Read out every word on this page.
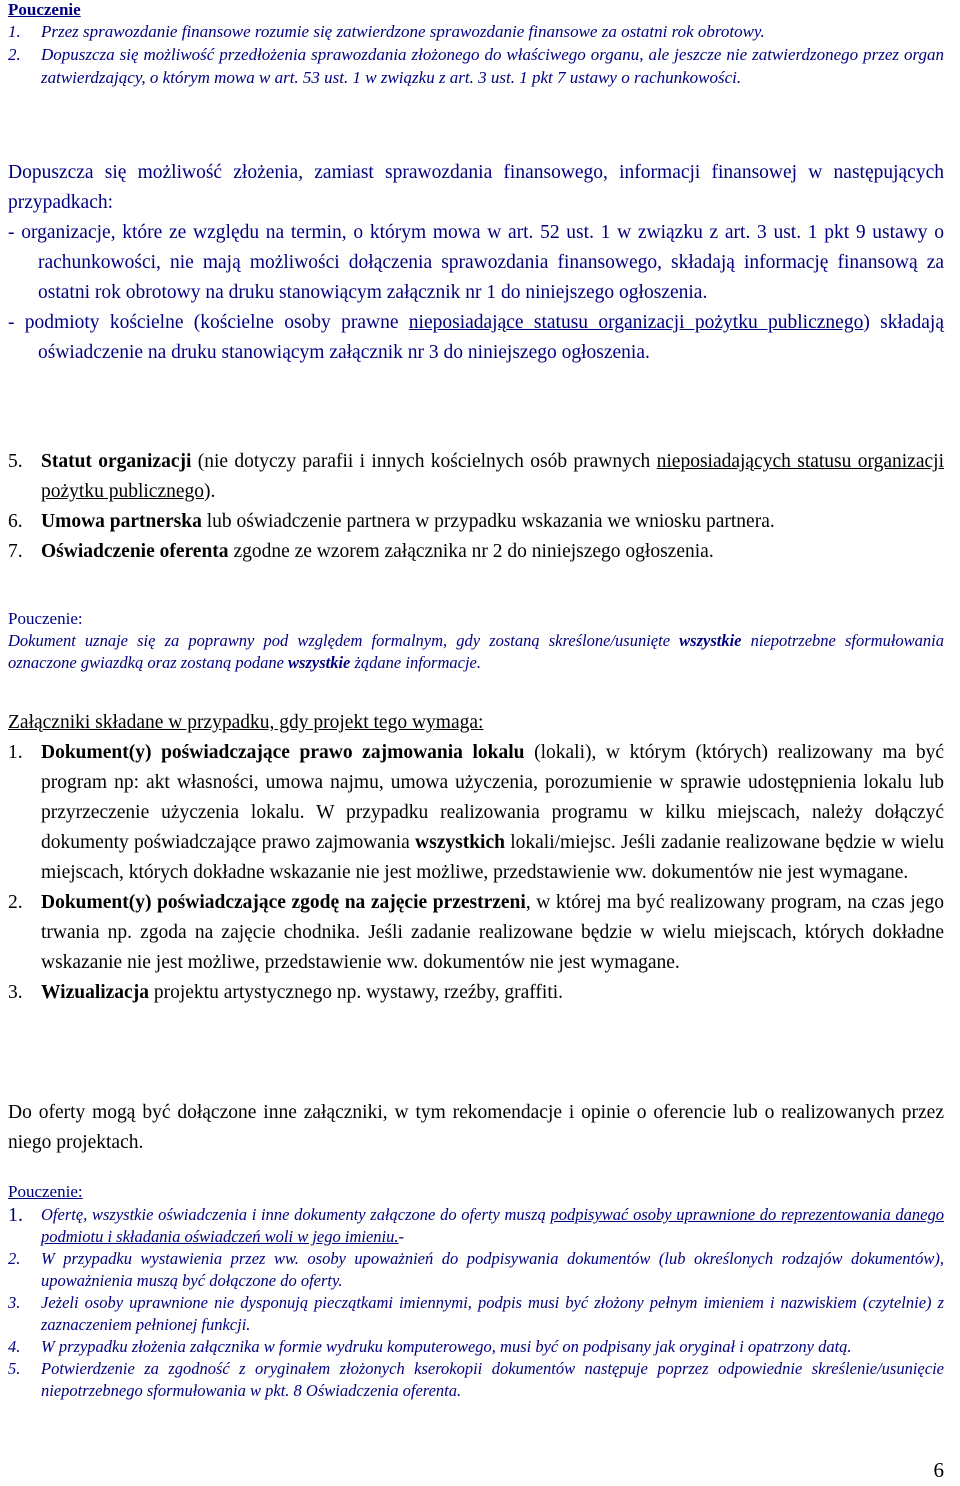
Pouczenie
1. Przez sprawozdanie finansowe rozumie się zatwierdzone sprawozdanie finansowe za ostatni rok obrotowy.
2. Dopuszcza się możliwość przedłożenia sprawozdania złożonego do właściwego organu, ale jeszcze nie zatwierdzonego przez organ zatwierdzający, o którym mowa w art. 53 ust. 1 w związku z art. 3 ust. 1 pkt 7 ustawy o rachunkowości.
Dopuszcza się możliwość złożenia, zamiast sprawozdania finansowego, informacji finansowej w następujących przypadkach:
- organizacje, które ze względu na termin, o którym mowa w art. 52 ust. 1 w związku z art. 3 ust. 1 pkt 9 ustawy o rachunkowości, nie mają możliwości dołączenia sprawozdania finansowego, składają informację finansową za ostatni rok obrotowy na druku stanowiącym załącznik nr 1 do niniejszego ogłoszenia.
- podmioty kościelne (kościelne osoby prawne nieposiadające statusu organizacji pożytku publicznego) składają oświadczenie na druku stanowiącym załącznik nr 3 do niniejszego ogłoszenia.
5. Statut organizacji (nie dotyczy parafii i innych kościelnych osób prawnych nieposiadających statusu organizacji pożytku publicznego).
6. Umowa partnerska lub oświadczenie partnera w przypadku wskazania we wniosku partnera.
7. Oświadczenie oferenta zgodne ze wzorem załącznika nr 2 do niniejszego ogłoszenia.
Pouczenie:
Dokument uznaje się za poprawny pod względem formalnym, gdy zostaną skreślone/usunięte wszystkie niepotrzebne sformułowania oznaczone gwiazdką oraz zostaną podane wszystkie żądane informacje.
Załączniki składane w przypadku, gdy projekt tego wymaga:
1. Dokument(y) poświadczające prawo zajmowania lokalu (lokali), w którym (których) realizowany ma być program np: akt własności, umowa najmu, umowa użyczenia, porozumienie w sprawie udostępnienia lokalu lub przyrzeczenie użyczenia lokalu. W przypadku realizowania programu w kilku miejscach, należy dołączyć dokumenty poświadczające prawo zajmowania wszystkich lokali/miejsc. Jeśli zadanie realizowane będzie w wielu miejscach, których dokładne wskazanie nie jest możliwe, przedstawienie ww. dokumentów nie jest wymagane.
2. Dokument(y) poświadczające zgodę na zajęcie przestrzeni, w której ma być realizowany program, na czas jego trwania np. zgoda na zajęcie chodnika. Jeśli zadanie realizowane będzie w wielu miejscach, których dokładne wskazanie nie jest możliwe, przedstawienie ww. dokumentów nie jest wymagane.
3. Wizualizacja projektu artystycznego np. wystawy, rzeźby, graffiti.
Do oferty mogą być dołączone inne załączniki, w tym rekomendacje i opinie o oferencie lub o realizowanych przez niego projektach.
Pouczenie:
1. Ofertę, wszystkie oświadczenia i inne dokumenty załączone do oferty muszą podpisywać osoby uprawnione do reprezentowania danego podmiotu i składania oświadczeń woli w jego imieniu.-
2. W przypadku wystawienia przez ww. osoby upoważnień do podpisywania dokumentów (lub określonych rodzajów dokumentów), upoważnienia muszą być dołączone do oferty.
3. Jeżeli osoby uprawnione nie dysponują pieczątkami imiennymi, podpis musi być złożony pełnym imieniem i nazwiskiem (czytelnie) z zaznaczeniem pełnionej funkcji.
4. W przypadku złożenia załącznika w formie wydruku komputerowego, musi być on podpisany jak oryginał i opatrzony datą.
5. Potwierdzenie za zgodność z oryginałem złożonych kserokopii dokumentów następuje poprzez odpowiednie skreślenie/usunięcie niepotrzebnego sformułowania w pkt. 8 Oświadczenia oferenta.
6
